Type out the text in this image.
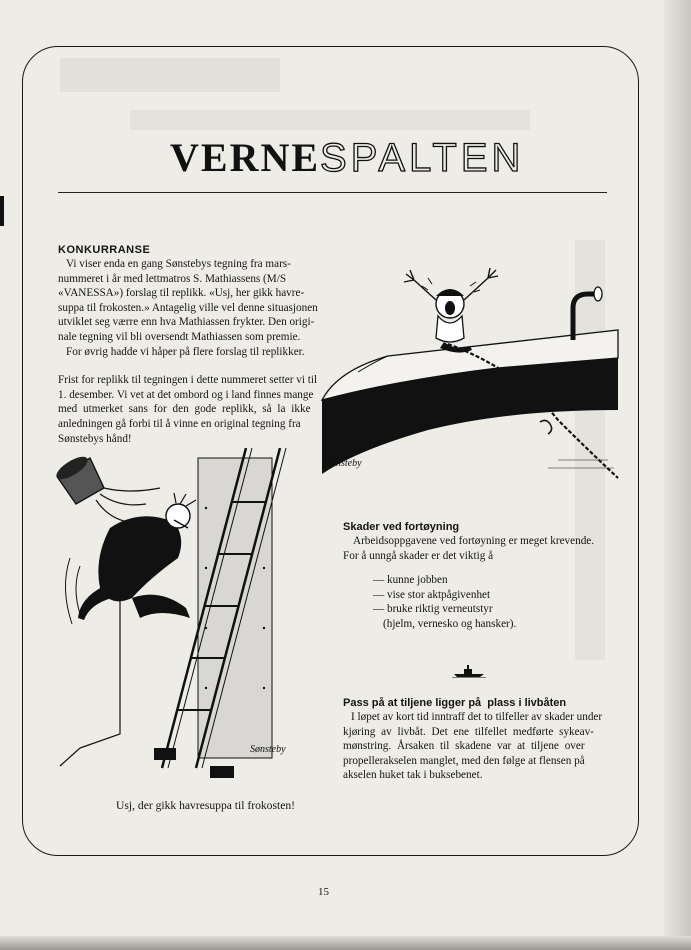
VERNESPALTEN
KONKURRANSE
Vi viser enda en gang Sønstebys tegning fra mars-
nummeret i år med lettmatros S. Mathiassens (M/S
«VANESSA») forslag til replikk. «Usj, her gikk havre-
suppa til frokosten.» Antagelig ville vel denne situasjonen
utviklet seg værre enn hva Mathiassen frykter. Den origi-
nale tegning vil bli oversendt Mathiassen som premie.
For øvrig hadde vi håper på flere forslag til replikker.
Frist for replikk til tegningen i dette nummeret setter vi til
1. desember. Vi vet at det ombord og i land finnes mange
med utmerket sans for den gode replikk, så la ikke
anledningen gå forbi til å vinne en original tegning fra
Sønstebys hånd!
Sønsteby
Sønsteby
Usj, der gikk havresuppa til frokosten!
Skader ved fortøyning
Arbeidsoppgavene ved fortøyning er meget krevende.
For å unngå skader er det viktig å
— kunne jobben
— vise stor aktpågivenhet
— bruke riktig verneutstyr
(hjelm, vernesko og hansker).
Pass på at tiljene ligger på  plass i livbåten
I løpet av kort tid inntraff det to tilfeller av skader under
kjøring av livbåt. Det ene tilfellet medførte sykeav-
mønstring. Årsaken til skadene var at tiljene over
propellerakselen manglet, med den følge at flensen på
akselen huket tak i buksebenet.
15
